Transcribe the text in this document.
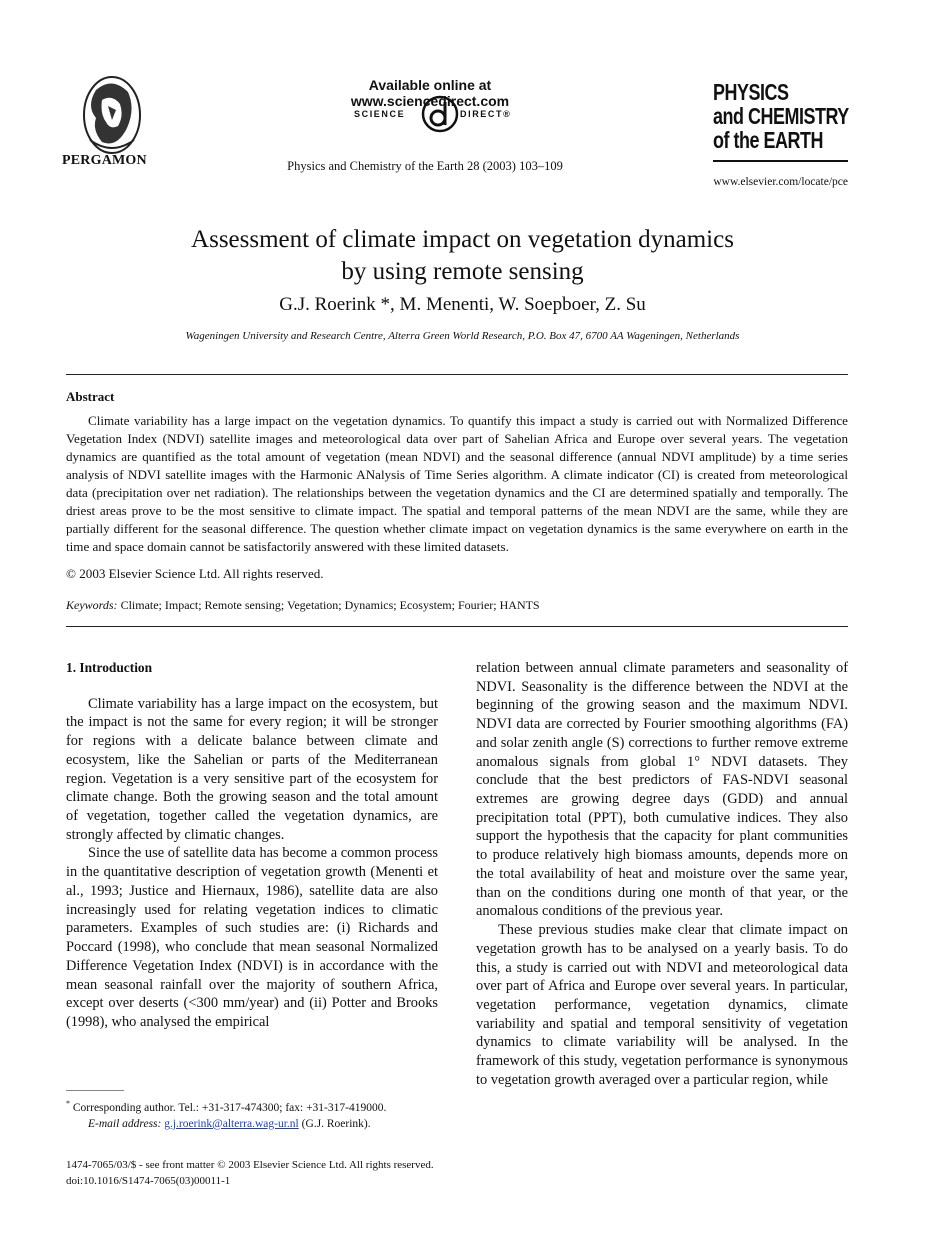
PERGAMON
Available online at www.sciencedirect.com
SCIENCE	DIRECT®
Physics and Chemistry of the Earth 28 (2003) 103–109
PHYSICS
and CHEMISTRY
of the EARTH
www.elsevier.com/locate/pce
Assessment of climate impact on vegetation dynamics
by using remote sensing
G.J. Roerink *, M. Menenti, W. Soepboer, Z. Su
Wageningen University and Research Centre, Alterra Green World Research, P.O. Box 47, 6700 AA Wageningen, Netherlands
Abstract
Climate variability has a large impact on the vegetation dynamics. To quantify this impact a study is carried out with Normalized Difference Vegetation Index (NDVI) satellite images and meteorological data over part of Sahelian Africa and Europe over several years. The vegetation dynamics are quantified as the total amount of vegetation (mean NDVI) and the seasonal difference (annual NDVI amplitude) by a time series analysis of NDVI satellite images with the Harmonic ANalysis of Time Series algorithm. A climate indicator (CI) is created from meteorological data (precipitation over net radiation). The relationships between the vegetation dynamics and the CI are determined spatially and temporally. The driest areas prove to be the most sensitive to climate impact. The spatial and temporal patterns of the mean NDVI are the same, while they are partially different for the seasonal difference. The question whether climate impact on vegetation dynamics is the same everywhere on earth in the time and space domain cannot be satisfactorily answered with these limited datasets.
© 2003 Elsevier Science Ltd. All rights reserved.
Keywords: Climate; Impact; Remote sensing; Vegetation; Dynamics; Ecosystem; Fourier; HANTS
1. Introduction

Climate variability has a large impact on the ecosystem, but the impact is not the same for every region; it will be stronger for regions with a delicate balance between climate and ecosystem, like the Sahelian or parts of the Mediterranean region. Vegetation is a very sensitive part of the ecosystem for climate change. Both the growing season and the total amount of vegetation, together called the vegetation dynamics, are strongly affected by climatic changes.

Since the use of satellite data has become a common process in the quantitative description of vegetation growth (Menenti et al., 1993; Justice and Hiernaux, 1986), satellite data are also increasingly used for relating vegetation indices to climatic parameters. Examples of such studies are: (i) Richards and Poccard (1998), who conclude that mean seasonal Normalized Difference Vegetation Index (NDVI) is in accordance with the mean seasonal rainfall over the majority of southern Africa, except over deserts (<300 mm/year) and (ii) Potter and Brooks (1998), who analysed the empirical

relation between annual climate parameters and seasonality of NDVI. Seasonality is the difference between the NDVI at the beginning of the growing season and the maximum NDVI. NDVI data are corrected by Fourier smoothing algorithms (FA) and solar zenith angle (S) corrections to further remove extreme anomalous signals from global 1° NDVI datasets. They conclude that the best predictors of FAS-NDVI seasonal extremes are growing degree days (GDD) and annual precipitation total (PPT), both cumulative indices. They also support the hypothesis that the capacity for plant communities to produce relatively high biomass amounts, depends more on the total availability of heat and moisture over the same year, than on the conditions during one month of that year, or the anomalous conditions of the previous year.

These previous studies make clear that climate impact on vegetation growth has to be analysed on a yearly basis. To do this, a study is carried out with NDVI and meteorological data over part of Africa and Europe over several years. In particular, vegetation performance, vegetation dynamics, climate variability and spatial and temporal sensitivity of vegetation dynamics to climate variability will be analysed. In the framework of this study, vegetation performance is synonymous to vegetation growth averaged over a particular region, while

* Corresponding author. Tel.: +31-317-474300; fax: +31-317-419000.
E-mail address: g.j.roerink@alterra.wag-ur.nl (G.J. Roerink).
1474-7065/03/$ - see front matter © 2003 Elsevier Science Ltd. All rights reserved.
doi:10.1016/S1474-7065(03)00011-1
